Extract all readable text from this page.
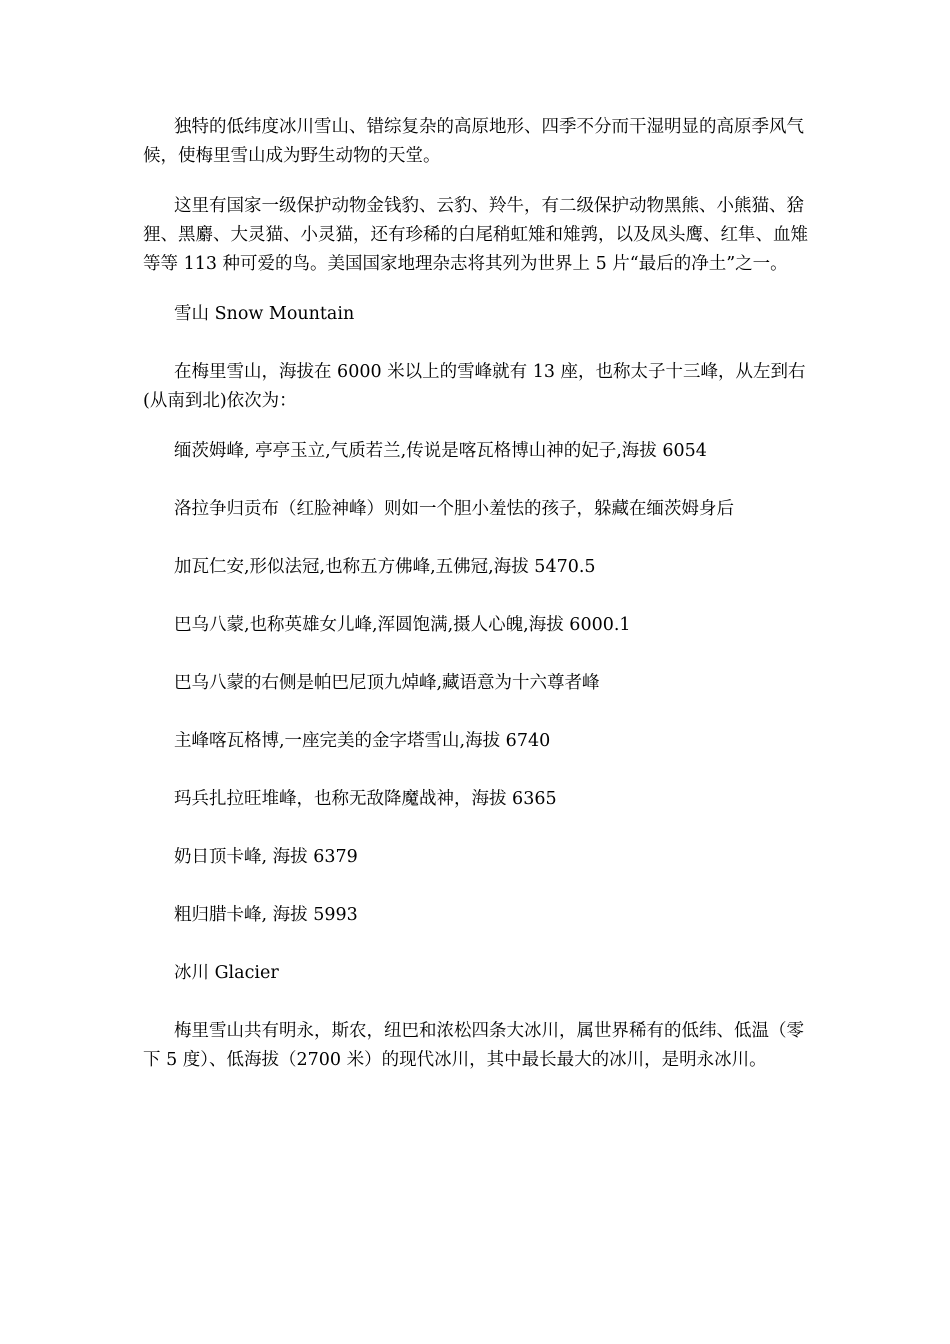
独特的低纬度冰川雪山、错综复杂的高原地形、四季不分而干湿明显的高原季风气候，使梅里雪山成为野生动物的天堂。

这里有国家一级保护动物金钱豹、云豹、羚牛，有二级保护动物黑熊、小熊猫、猞狸、黑麝、大灵猫、小灵猫，还有珍稀的白尾稍虹雉和雉鹑，以及凤头鹰、红隼、血雉等等 113 种可爱的鸟。美国国家地理杂志将其列为世界上 5 片“最后的净土”之一。

雪山 Snow Mountain

在梅里雪山，海拔在 6000 米以上的雪峰就有 13 座，也称太子十三峰，从左到右(从南到北)依次为：

缅茨姆峰, 亭亭玉立,气质若兰,传说是喀瓦格博山神的妃子,海拔 6054

洛拉争归贡布（红脸神峰）则如一个胆小羞怯的孩子，躲藏在缅茨姆身后

加瓦仁安,形似法冠,也称五方佛峰,五佛冠,海拔 5470.5

巴乌八蒙,也称英雄女儿峰,浑圆饱满,摄人心魄,海拔 6000.1

巴乌八蒙的右侧是帕巴尼顶九焯峰,藏语意为十六尊者峰

主峰喀瓦格博,一座完美的金字塔雪山,海拔 6740

玛兵扎拉旺堆峰，也称无敌降魔战神，海拔 6365

奶日顶卡峰, 海拔 6379

粗归腊卡峰, 海拔 5993

冰川 Glacier

梅里雪山共有明永，斯农，纽巴和浓松四条大冰川，属世界稀有的低纬、低温（零下 5 度）、低海拔（2700 米）的现代冰川，其中最长最大的冰川，是明永冰川。
